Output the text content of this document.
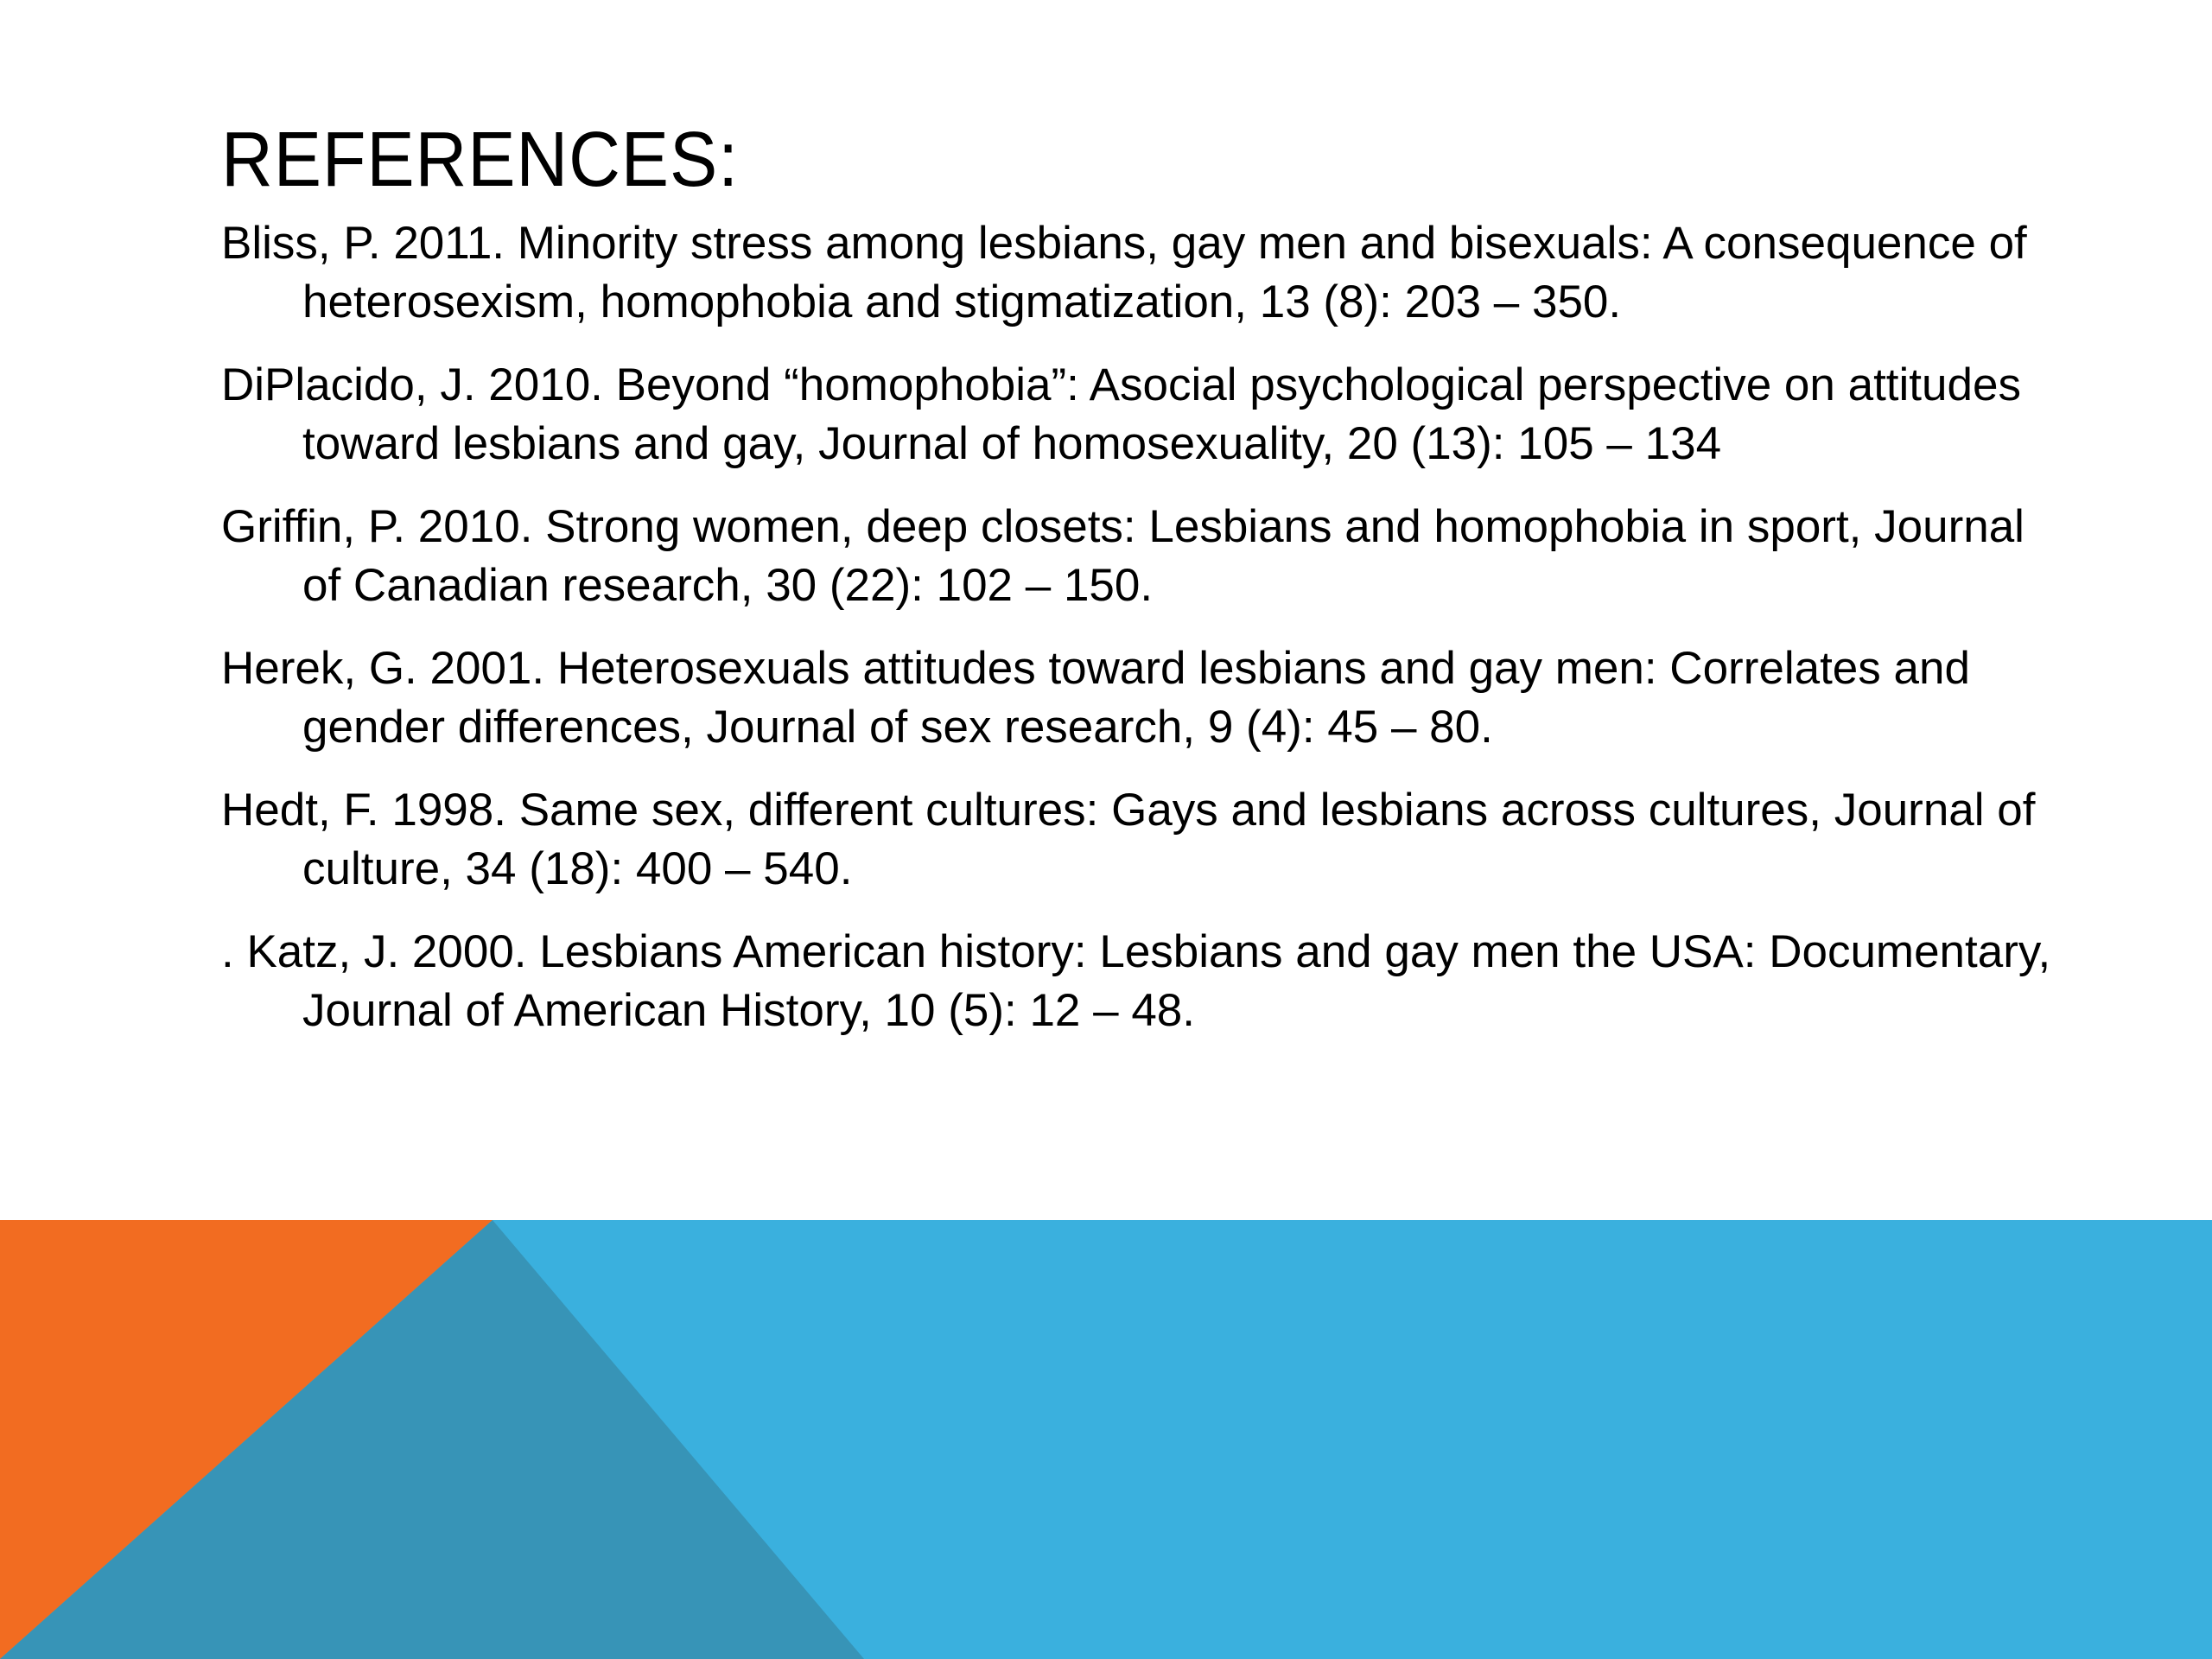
REFERENCES:
Bliss, P. 2011. Minority stress among lesbians, gay men and bisexuals: A consequence of heterosexism, homophobia and stigmatization, 13 (8): 203 – 350.
DiPlacido, J. 2010. Beyond “homophobia”: Asocial psychological perspective on attitudes toward lesbians and gay, Journal of homosexuality, 20 (13): 105 – 134
Griffin, P. 2010. Strong women, deep closets: Lesbians and homophobia in sport, Journal of Canadian research, 30 (22): 102 – 150.
Herek, G. 2001. Heterosexuals attitudes toward lesbians and gay men: Correlates and gender differences, Journal of sex research, 9 (4): 45 – 80.
Hedt, F. 1998. Same sex, different cultures: Gays and lesbians across cultures, Journal of culture, 34 (18): 400 – 540.
. Katz, J. 2000. Lesbians American history: Lesbians and gay men the USA: Documentary, Journal of American History, 10 (5): 12 – 48.
